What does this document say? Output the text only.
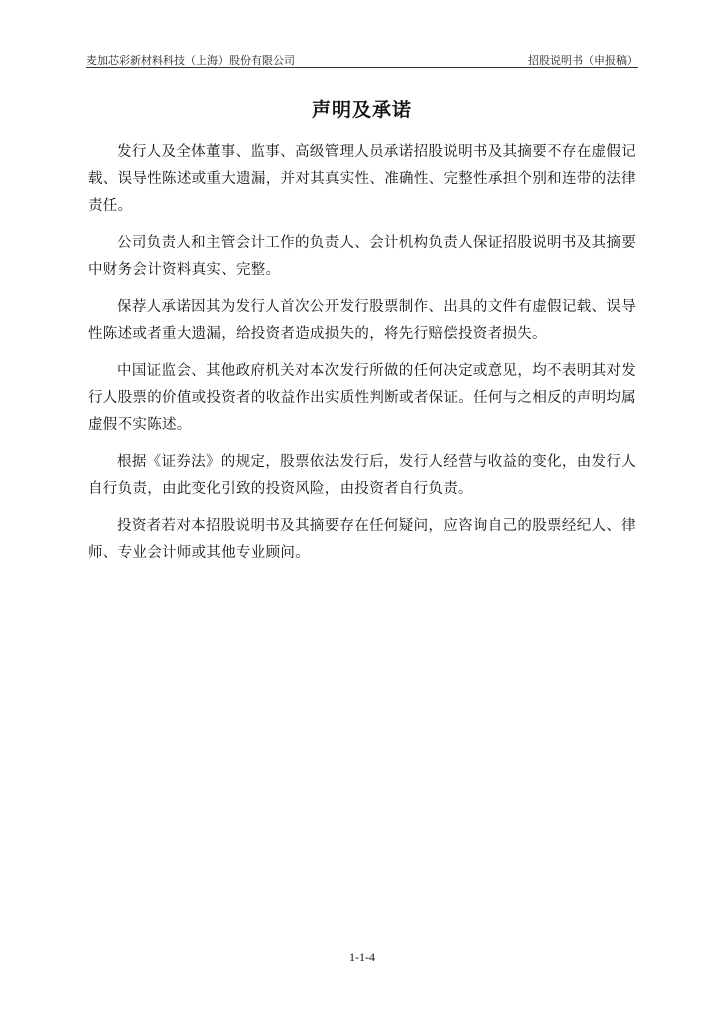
麦加芯彩新材料科技（上海）股份有限公司	招股说明书（申报稿）
声明及承诺

发行人及全体董事、监事、高级管理人员承诺招股说明书及其摘要不存在虚假记载、误导性陈述或重大遗漏，并对其真实性、准确性、完整性承担个别和连带的法律责任。

公司负责人和主管会计工作的负责人、会计机构负责人保证招股说明书及其摘要中财务会计资料真实、完整。

保荐人承诺因其为发行人首次公开发行股票制作、出具的文件有虚假记载、误导性陈述或者重大遗漏，给投资者造成损失的，将先行赔偿投资者损失。

中国证监会、其他政府机关对本次发行所做的任何决定或意见，均不表明其对发行人股票的价值或投资者的收益作出实质性判断或者保证。任何与之相反的声明均属虚假不实陈述。

根据《证券法》的规定，股票依法发行后，发行人经营与收益的变化，由发行人自行负责，由此变化引致的投资风险，由投资者自行负责。

投资者若对本招股说明书及其摘要存在任何疑问，应咨询自己的股票经纪人、律师、专业会计师或其他专业顾问。

1-1-4
